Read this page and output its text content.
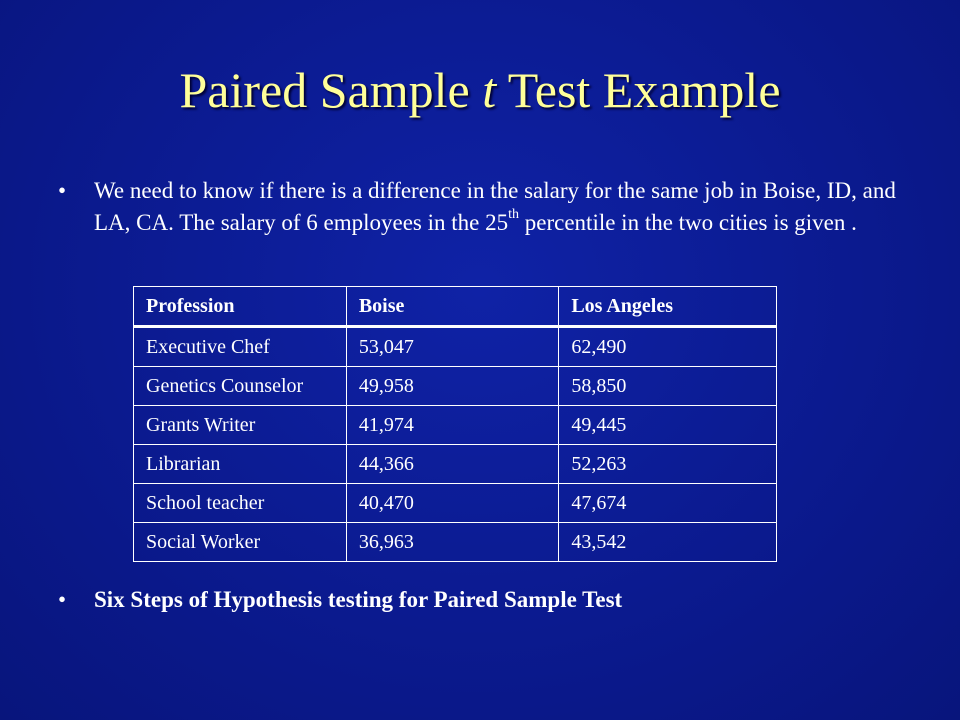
Paired Sample t Test Example
•	We need to know if there is a difference in the salary for the same job in Boise, ID, and LA, CA. The salary of 6 employees in the 25th percentile in the two cities is given .
Profession	Boise	Los Angeles
Executive Chef	53,047	62,490
Genetics Counselor	49,958	58,850
Grants Writer	41,974	49,445
Librarian	44,366	52,263
School teacher	40,470	47,674
Social Worker	36,963	43,542
•	Six Steps of Hypothesis testing for Paired Sample Test
